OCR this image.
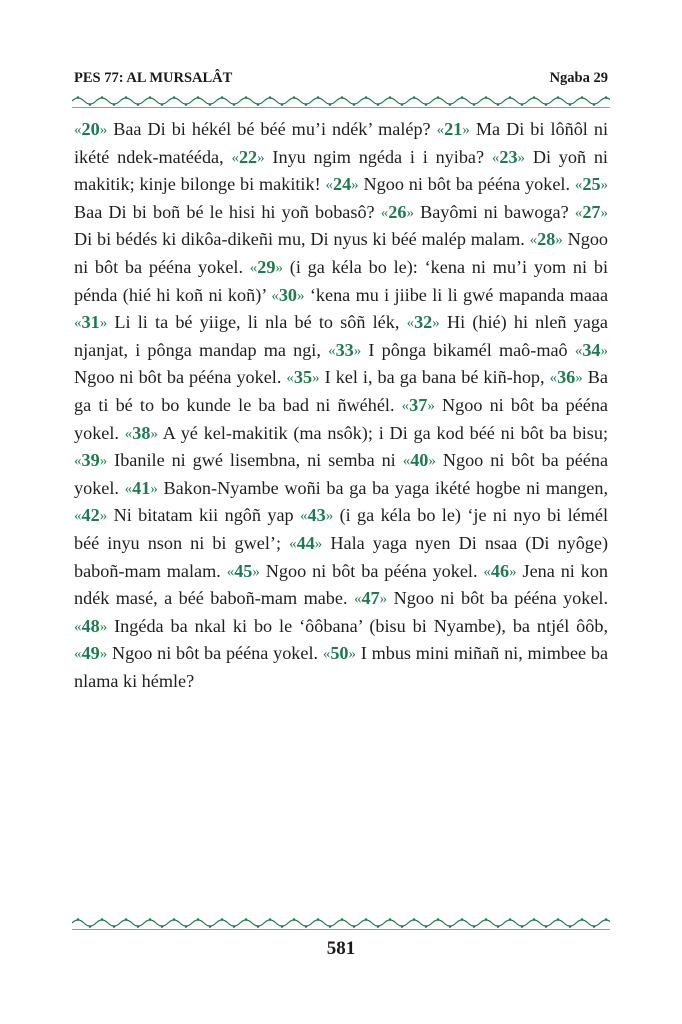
PES 77: AL MURSALÂT	Ngaba 29

«20» Baa Di bi hékél bé béé mu’i ndék’ malép? «21» Ma Di bi lôñôl ni ikété ndek-matééda, «22» Inyu ngim ngéda i i nyiba? «23» Di yoñ ni makitik; kinje bilonge bi makitik! «24» Ngoo ni bôt ba péénа yokel. «25» Baa Di bi boñ bé le hisi hi yoñ bobasô? «26» Bayômi ni bawoga? «27» Di bi bédés ki dikôa-dikeñi mu, Di nyus ki béé malép malam. «28» Ngoo ni bôt ba péénа yokel. «29» (i ga kéla bo le): ‘kena ni mu’i yom ni bi pénda (hié hi koñ ni koñ)’ «30» ‘kena mu i jiibe li li gwé mapanda maaa «31» Li li ta bé yiige, li nla bé to sôñ lék, «32» Hi (hié) hi nleñ yaga njanjat, i pônga mandap ma ngi, «33» I pônga bikamél maô-maô «34» Ngoo ni bôt ba péénа yokel. «35» I kel i, ba ga bana bé kiñ-hop, «36» Ba ga ti bé to bo kunde le ba bad ni ñwéhél. «37» Ngoo ni bôt ba péénа yokel. «38» A yé kel-makitik (ma nsôk); i Di ga kod béé ni bôt ba bisu; «39» Ibanile ni gwé lisembna, ni semba ni «40» Ngoo ni bôt ba péénа yokel. «41» Bakon-Nyambe woñi ba ga ba yaga ikété hogbe ni mangen, «42» Ni bitatam kii ngôñ yap «43» (i ga kéla bo le) ‘je ni nyo bi lémél béé inyu nson ni bi gwel’; «44» Hala yaga nyen Di nsaa (Di nyôge) baboñ-mam malam. «45» Ngoo ni bôt ba péénа yokel. «46» Jena ni kon ndék masé, a béé baboñ-mam mabe. «47» Ngoo ni bôt ba péénа yokel. «48» Ingéda ba nkal ki bo le ‘ôôbana’ (bisu bi Nyambe), ba ntjél ôôb, «49» Ngoo ni bôt ba péénа yokel. «50» I mbus mini miñañ ni, mimbee ba nlama ki hémle?

581
